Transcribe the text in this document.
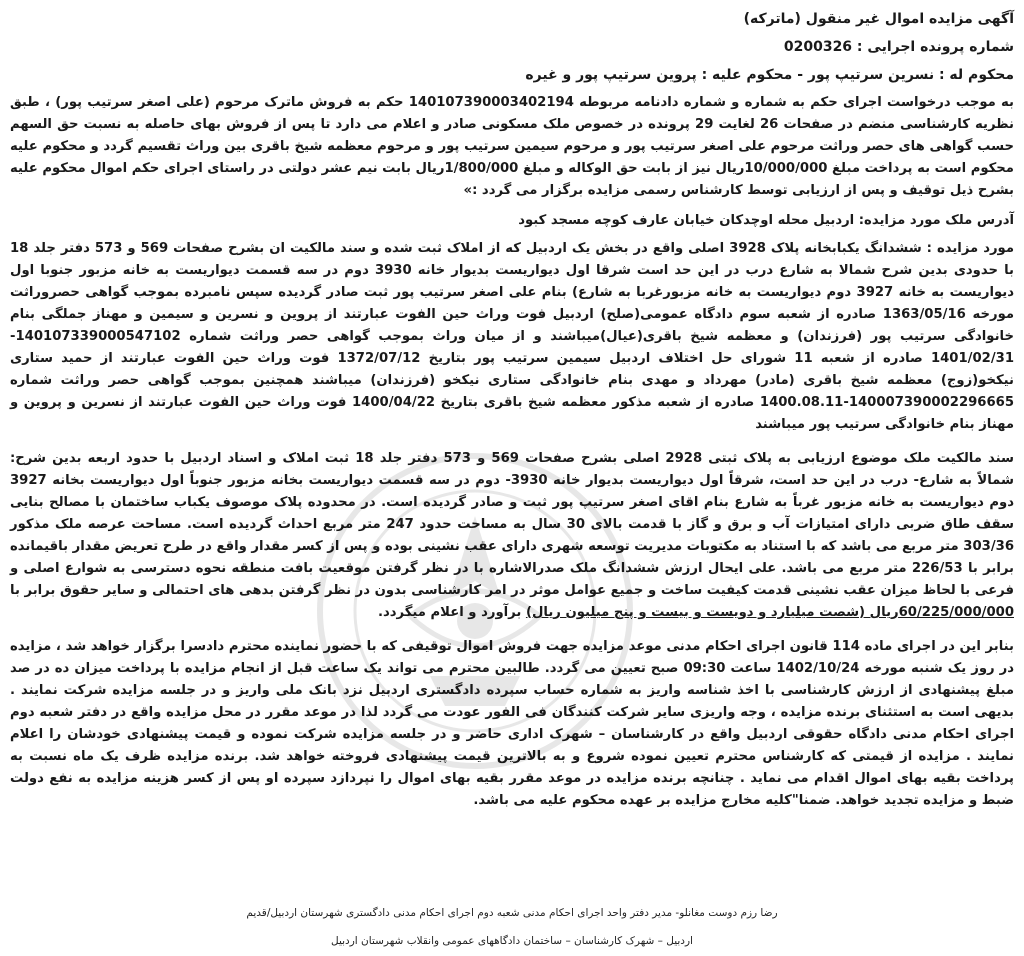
آگهی مزایده اموال غیر منقول (ماترکه)
شماره پرونده اجرایی : 0200326
محکوم له : نسرین سرتیپ پور - محکوم علیه : پروین سرتیپ پور و غیره

به موجب درخواست اجرای حکم به شماره و شماره دادنامه مربوطه 140107390003402194 حکم به فروش ماترک مرحوم (علی اصغر سرتیب پور) ، طبق نظریه کارشناسی منضم در صفحات 26 لغایت 29 پرونده در خصوص ملک مسکونی صادر و اعلام می دارد تا پس از فروش بهای حاصله به نسبت حق السهم حسب گواهی های حصر وراثت مرحوم علی اصغر سرتیب پور و مرحوم سیمین سرتیب پور و مرحوم معظمه شیخ باقری بین وراث تقسیم گردد و محکوم علیه محکوم است به پرداخت مبلغ 10/000/000ریال نیز از بابت حق الوکاله و مبلغ 1/800/000ریال بابت نیم عشر دولتی در راستای اجرای حکم اموال محکوم علیه بشرح ذیل توقیف و پس از ارزیابی توسط کارشناس رسمی مزایده برگزار می گردد :»

آدرس ملک مورد مزایده: اردبیل محله اوچدکان خیابان عارف کوچه مسجد کبود

مورد مزایده : ششدانگ یکبابخانه پلاک 3928 اصلی واقع در بخش یک اردبیل که از املاک ثبت شده و سند مالکیت ان بشرح صفحات 569 و 573 دفتر جلد 18 با حدودی بدین شرح شمالا به شارع درب در این حد است شرقا اول دیواریست بدیوار خانه 3930 دوم در سه قسمت دیواریست به خانه مزبور جنوبا اول دیواریست به خانه 3927 دوم دیواریست به خانه مزبورغربا به شارع) بنام علی اصغر سرتیب پور ثبت صادر گردیده سپس نامبرده بموجب گواهی حصروراثت مورخه 1363/05/16 صادره از شعبه سوم دادگاه عمومی(صلح) اردبیل فوت وراث حین الفوت عبارتند از پروین و نسرین و سیمین و مهناز جملگی بنام خانوادگی سرتیب پور (فرزندان) و معظمه شیخ باقری(عیال)میباشند و از میان وراث بموجب گواهی حصر وراثت شماره 140107339000547102-1401/02/31 صادره از شعبه 11 شورای حل اختلاف اردبیل سیمین سرتیب پور بتاریخ 1372/07/12 فوت وراث حین الفوت عبارتند از حمید ستاری نیکخو(زوج) معظمه شیخ باقری (مادر) مهرداد و مهدی بنام خانوادگی ستاری نیکخو (فرزندان) میباشند همچنین بموجب گواهی حصر وراثت شماره 140007390002296665-1400.08.11 صادره از شعبه مذکور معظمه شیخ باقری بتاریخ 1400/04/22 فوت وراث حین الفوت عبارتند از نسرین و پروین و مهناز بنام خانوادگی سرتیب پور میباشند

سند مالکیت ملک موضوع ارزیابی به پلاک ثبتی 2928 اصلی بشرح صفحات 569 و 573 دفتر جلد 18 ثبت املاک و اسناد اردبیل با حدود اربعه بدین شرح: شمالاً به شارع- درب در این حد است، شرقاً اول دیواریست بدیوار خانه 3930- دوم در سه قسمت دیواریست بخانه مزبور جنوباً اول دیواریست بخانه 3927 دوم دیواریست به خانه مزبور غرباً به شارع بنام اقای اصغر سرتیپ پور ثبت و صادر گردیده است. در محدوده پلاک موصوف یکباب ساختمان با مصالح بنایی سقف طاق ضربی دارای امتیازات آب و برق و گاز با قدمت بالای 30 سال به مساحت حدود 247 متر مربع احداث گردیده است. مساحت عرصه ملک مذکور 303/36 متر مربع می باشد که با استناد به مکتوبات مدیریت توسعه شهری دارای عقب نشینی بوده و پس از کسر مقدار واقع در طرح تعریض مقدار باقیمانده برابر با 226/53 متر مربع می باشد. علی ایحال ارزش ششدانگ ملک صدرالاشاره با در نظر گرفتن موقعیت بافت منطقه نحوه دسترسی به شوارع اصلی و فرعی با لحاظ میزان عقب نشینی قدمت کیفیت ساخت و جمیع عوامل موثر در امر کارشناسی بدون در نظر گرفتن بدهی های احتمالی و سایر حقوق برابر با 60/225/000/000ریال (شصت میلیارد و دویست و بیست و پنج میلیون ریال) برآورد و اعلام میگردد.

بنابر این در اجرای ماده 114 قانون اجرای احکام مدنی موعد مزایده جهت فروش اموال توقیفی که با حضور نماینده محترم دادسرا برگزار خواهد شد ، مزایده در روز یک شنبه مورخه 1402/10/24 ساعت 09:30 صبح تعیین می گردد. طالبین محترم می تواند یک ساعت قبل از انجام مزایده با پرداخت میزان ده در صد مبلغ پیشنهادی از ارزش کارشناسی با اخذ شناسه واریز به شماره حساب سپرده دادگستری اردبیل نزد بانک ملی واریز و در جلسه مزایده شرکت نمایند . بدیهی است به استثنای برنده مزایده ، وجه واریزی سایر شرکت کنندگان فی الفور عودت می گردد لذا در موعد مقرر در محل مزایده واقع در دفتر شعبه دوم اجرای احکام مدنی دادگاه حقوقی اردبیل واقع در کارشناسان – شهرک اداری حاضر و در جلسه مزایده شرکت نموده و قیمت پیشنهادی خودشان را اعلام نمایند . مزایده از قیمتی که کارشناس محترم تعیین نموده شروع و به بالاترین قیمت پیشنهادی فروخته خواهد شد. برنده مزایده ظرف یک ماه نسبت به پرداخت بقیه بهای اموال اقدام می نماید . چنانچه برنده مزایده در موعد مقرر بقیه بهای اموال را نپردازد سپرده او پس از کسر هزینه مزایده به نفع دولت ضبط و مزایده تجدید خواهد. ضمنا"کلیه مخارج مزایده بر عهده محکوم علیه می باشد.

رضا رزم دوست مغانلو- مدیر دفتر واحد اجرای احکام مدنی شعبه دوم اجرای احکام مدنی دادگستری شهرستان اردبیل/قدیم
اردبیل – شهرک کارشناسان – ساختمان دادگاههای عمومی وانقلاب شهرستان اردبیل
